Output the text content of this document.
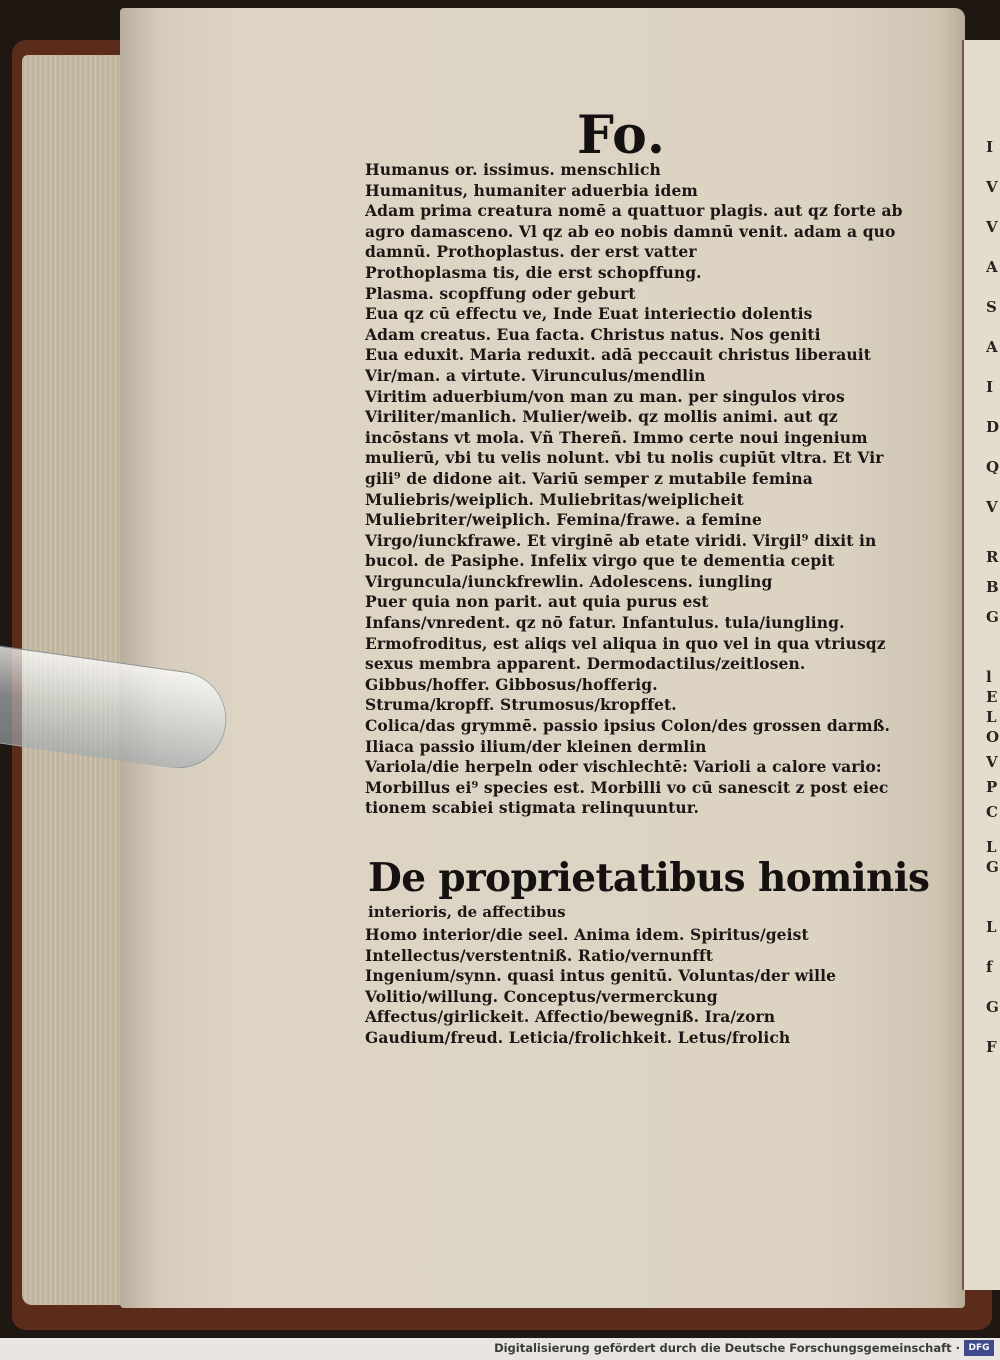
I
V
V
A
S
A
I
D
Q
V
R
B
G
l
E
L
O
V
P
C
L
G
L
f
G
F
Fo.
Humanus or. issimus. menschlich
Humanitus, humaniter aduerbia idem
Adam prima creatura nomē a quattuor plagis. aut qz forte ab
agro damasceno. Vl qz ab eo nobis damnū venit. adam a quo
damnū. Prothoplastus. der erst vatter
Prothoplasma tis, die erst schopffung.
Plasma. scopffung oder geburt
Eua qz cū effectu ve, Inde Euat interiectio dolentis
Adam creatus. Eua facta. Christus natus. Nos geniti
Eua eduxit. Maria reduxit. adā peccauit christus liberauit
Vir/man. a virtute. Virunculus/mendlin
Viritim aduerbium/von man zu man. per singulos viros
Viriliter/manlich. Mulier/weib. qz mollis animi. aut qz
incōstans vt mola. Vñ Thereñ. Immo certe noui ingenium
mulierū, vbi tu velis nolunt. vbi tu nolis cupiūt vltra. Et Vir
gili⁹ de didone ait. Variū semper z mutabile femina
Muliebris/weiplich. Muliebritas/weiplicheit
Muliebriter/weiplich. Femina/frawe. a femine
Virgo/iunckfrawe. Et virginē ab etate viridi. Virgil⁹ dixit in
bucol. de Pasiphe. Infelix virgo que te dementia cepit
Virguncula/iunckfrewlin. Adolescens. iungling
Puer quia non parit. aut quia purus est
Infans/vnredent. qz nō fatur. Infantulus. tula/iungling.
Ermofroditus, est aliqs vel aliqua in quo vel in qua vtriusqz
sexus membra apparent. Dermodactilus/zeitlosen.
Gibbus/hoffer. Gibbosus/hofferig.
Struma/kropff. Strumosus/kropffet.
Colica/das grymmē. passio ipsius Colon/des grossen darmß.
Iliaca passio ilium/der kleinen dermlin
Variola/die herpeln oder vischlechtē: Varioli a calore vario:
Morbillus ei⁹ species est. Morbilli vo cū sanescit z post eiec
tionem scabiei stigmata relinquuntur.
De proprietatibus hominis
interioris, de affectibus
Homo interior/die seel. Anima idem. Spiritus/geist
Intellectus/verstentniß. Ratio/vernunfft
Ingenium/synn. quasi intus genitū. Voluntas/der wille
Volitio/willung. Conceptus/vermerckung
Affectus/girlickeit. Affectio/bewegniß. Ira/zorn
Gaudium/freud. Leticia/frolichkeit. Letus/frolich
Digitalisierung gefördert durch die Deutsche Forschungsgemeinschaft · DFG
